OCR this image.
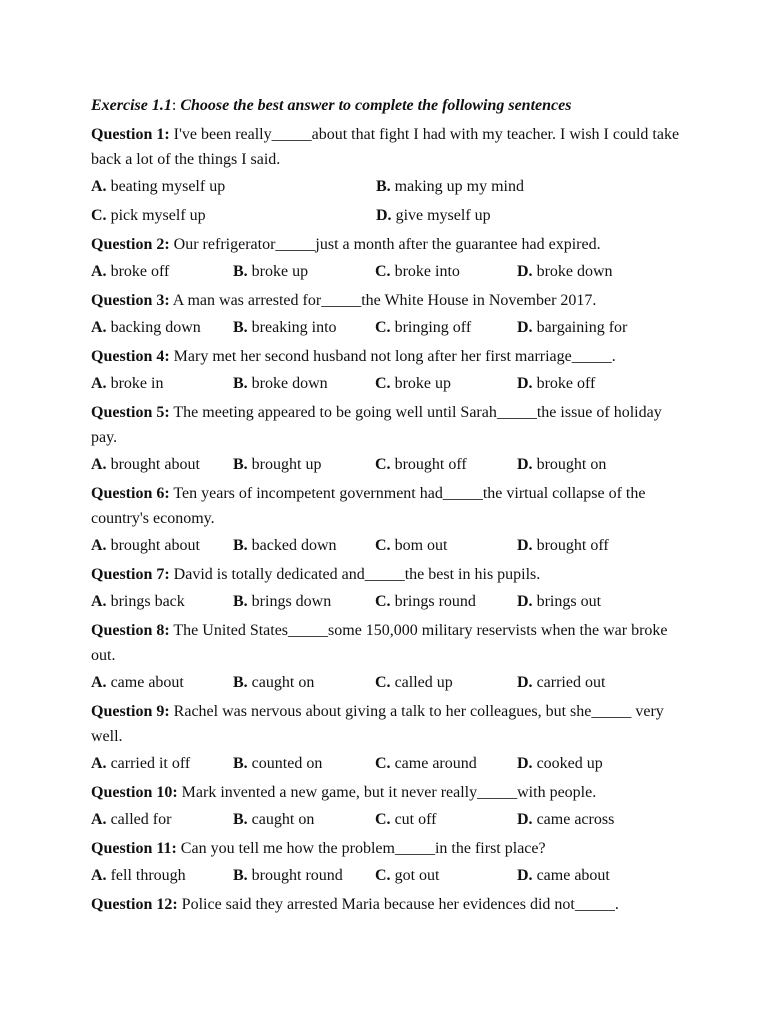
Exercise 1.1: Choose the best answer to complete the following sentences
Question 1: I've been really_____about that fight I had with my teacher. I wish I could take back a lot of the things I said.
A. beating myself up	B. making up my mind
C. pick myself up	D. give myself up
Question 2: Our refrigerator_____just a month after the guarantee had expired.
A. broke off	B. broke up	C. broke into	D. broke down
Question 3: A man was arrested for_____the White House in November 2017.
A. backing down	B. breaking into	C. bringing off	D. bargaining for
Question 4: Mary met her second husband not long after her first marriage_____.
A. broke in	B. broke down	C. broke up	D. broke off
Question 5: The meeting appeared to be going well until Sarah_____the issue of holiday pay.
A. brought about	B. brought up	C. brought off	D. brought on
Question 6: Ten years of incompetent government had_____the virtual collapse of the country's economy.
A. brought about	B. backed down	C. bom out	D. brought off
Question 7: David is totally dedicated and_____the best in his pupils.
A. brings back	B. brings down	C. brings round	D. brings out
Question 8: The United States_____some 150,000 military reservists when the war broke out.
A. came about	B. caught on	C. called up	D. carried out
Question 9: Rachel was nervous about giving a talk to her colleagues, but she_____ very well.
A. carried it off	B. counted on	C. came around	D. cooked up
Question 10: Mark invented a new game, but it never really_____with people.
A. called for	B. caught on	C. cut off	D. came across
Question 11: Can you tell me how the problem_____in the first place?
A. fell through	B. brought round	C. got out	D. came about
Question 12: Police said they arrested Maria because her evidences did not_____.
